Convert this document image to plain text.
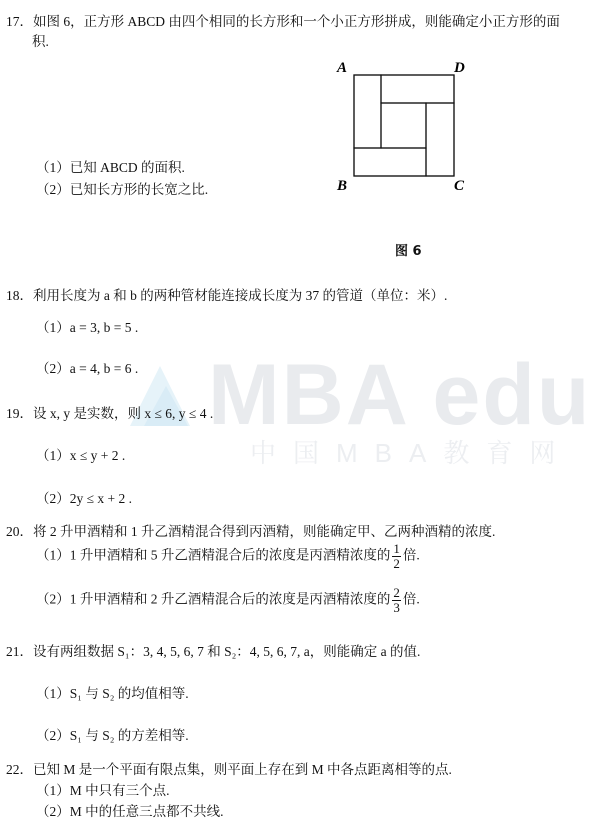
MBA edu
中国MBA教育网
17．如图 6，正方形 ABCD 由四个相同的长方形和一个小正方形拼成，则能确定小正方形的面
积.
A	D
B	C
（1）已知 ABCD 的面积.
（2）已知长方形的长宽之比.
图 6
18．利用长度为 a 和 b 的两种管材能连接成长度为 37 的管道（单位：米）.
（1）a = 3, b = 5 .
（2）a = 4, b = 6 .
19．设 x, y 是实数，则 x ≤ 6, y ≤ 4 .
（1）x ≤ y + 2 .
（2）2y ≤ x + 2 .
20．将 2 升甲酒精和 1 升乙酒精混合得到丙酒精，则能确定甲、乙两种酒精的浓度.
（1）1 升甲酒精和 5 升乙酒精混合后的浓度是丙酒精浓度的 $\frac{1}{2}$ 倍.
（2）1 升甲酒精和 2 升乙酒精混合后的浓度是丙酒精浓度的 $\frac{2}{3}$ 倍.
21．设有两组数据 S₁：3, 4, 5, 6, 7 和 S₂：4, 5, 6, 7, a，则能确定 a 的值.
（1）S₁ 与 S₂ 的均值相等.
（2）S₁ 与 S₂ 的方差相等.
22．已知 M 是一个平面有限点集，则平面上存在到 M 中各点距离相等的点.
（1）M 中只有三个点.
（2）M 中的任意三点都不共线.
